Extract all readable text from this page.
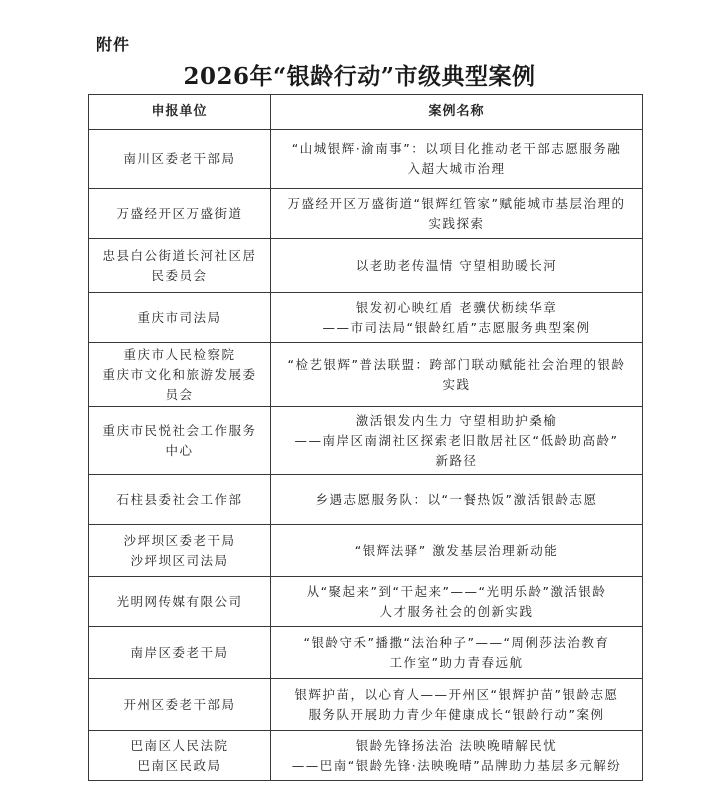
附件
2026年“银龄行动”市级典型案例
申报单位	案例名称

南川区委老干部局	“山城银辉·渝南事”：以项目化推动老干部志愿服务融
入超大城市治理

万盛经开区万盛街道	万盛经开区万盛街道“银辉红管家”赋能城市基层治理的
实践探索

忠县白公街道长河社区居
民委员会	以老助老传温情 守望相助暖长河

重庆市司法局	银发初心映红盾 老骥伏枥续华章
——市司法局“银龄红盾”志愿服务典型案例

重庆市人民检察院
重庆市文化和旅游发展委
员会	“检艺银辉”普法联盟：跨部门联动赋能社会治理的银龄
实践

重庆市民悦社会工作服务
中心	激活银发内生力 守望相助护桑榆
——南岸区南湖社区探索老旧散居社区“低龄助高龄”
新路径

石柱县委社会工作部	乡遇志愿服务队：以“一餐热饭”激活银龄志愿

沙坪坝区委老干局
沙坪坝区司法局	“银辉法驿” 激发基层治理新动能

光明网传媒有限公司	从“聚起来”到“干起来”——“光明乐龄”激活银龄
人才服务社会的创新实践

南岸区委老干局	“银龄守禾”播撒“法治种子”——“周俐莎法治教育
工作室”助力青春远航

开州区委老干部局	银辉护苗，以心育人——开州区“银辉护苗”银龄志愿
服务队开展助力青少年健康成长“银龄行动”案例

巴南区人民法院
巴南区民政局	银龄先锋扬法治 法映晚晴解民忧
——巴南“银龄先锋·法映晚晴”品牌助力基层多元解纷
